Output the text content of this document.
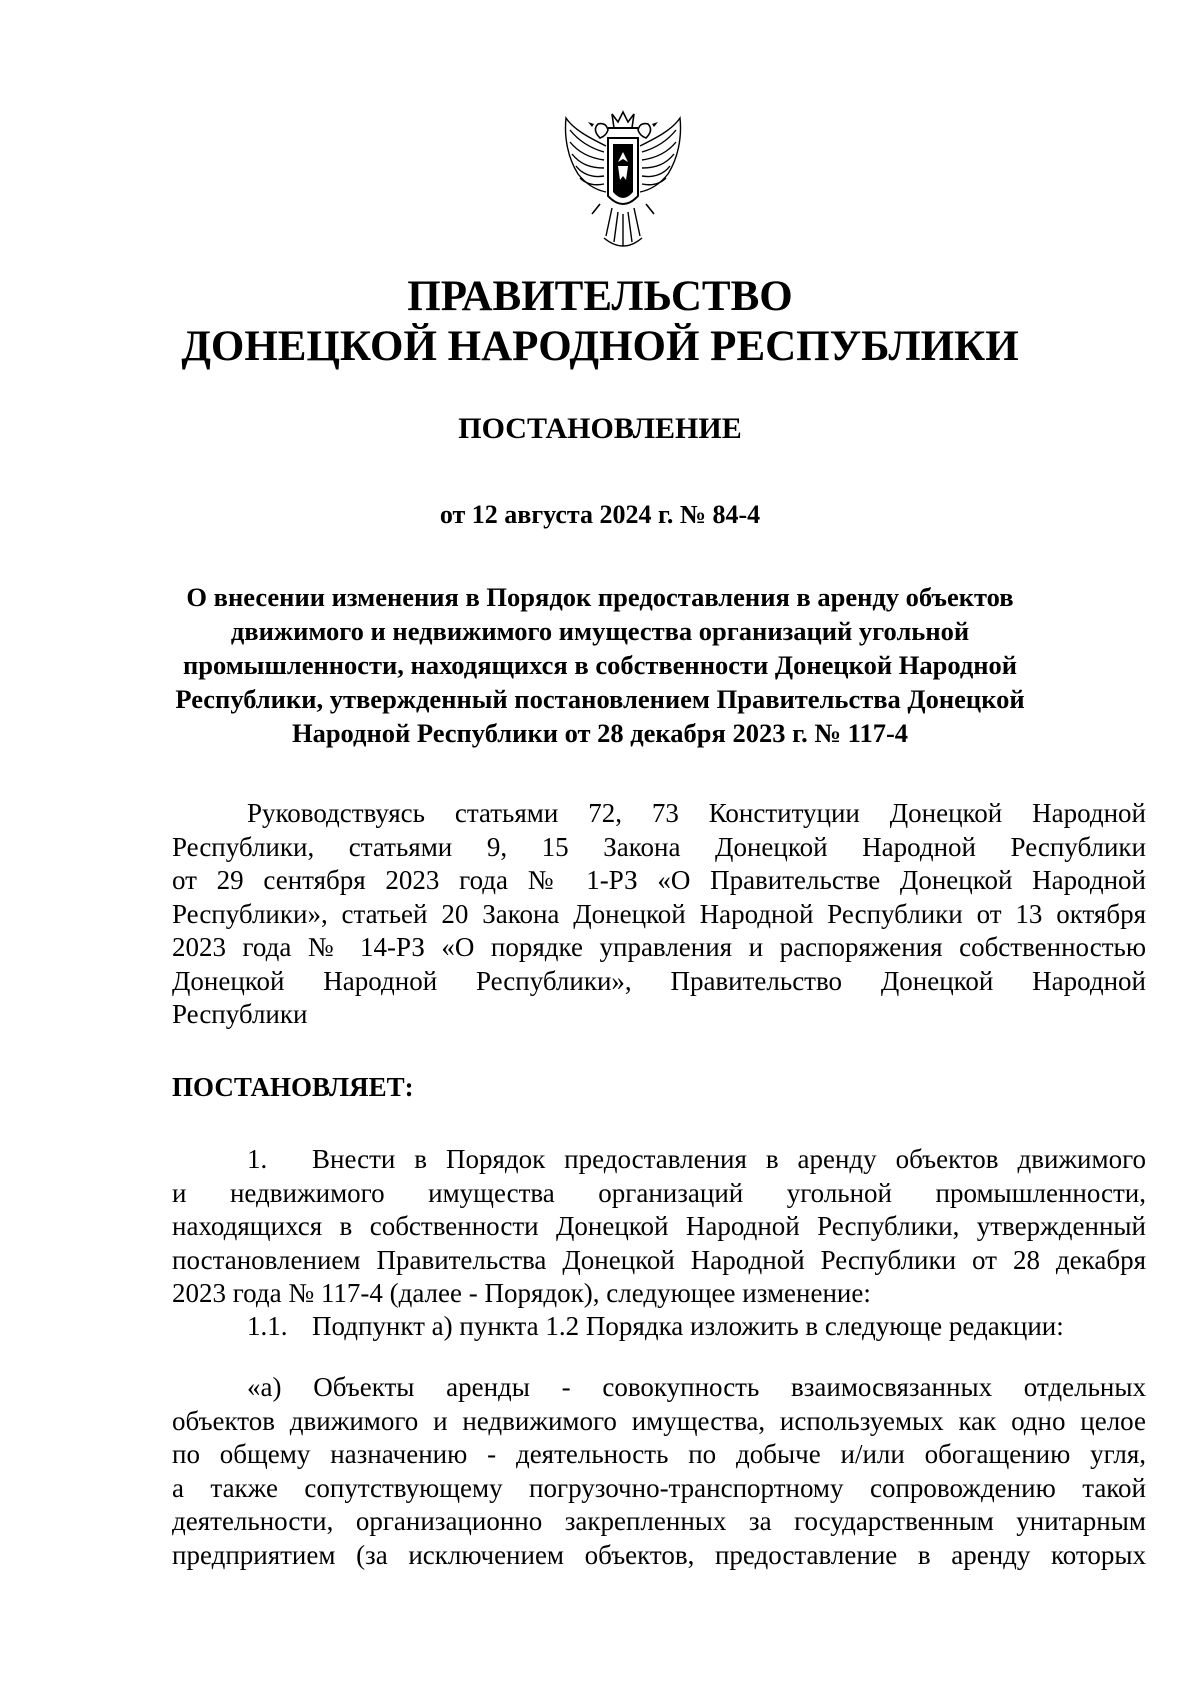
ПРАВИТЕЛЬСТВО
ДОНЕЦКОЙ НАРОДНОЙ РЕСПУБЛИКИ
ПОСТАНОВЛЕНИЕ
от 12 августа 2024 г. № 84-4
О внесении изменения в Порядок предоставления в аренду объектов
движимого и недвижимого имущества организаций угольной
промышленности, находящихся в собственности Донецкой Народной
Республики, утвержденный постановлением Правительства Донецкой
Народной Республики от 28 декабря 2023 г. № 117-4
Руководствуясь статьями 72, 73 Конституции Донецкой Народной
Республики, статьями 9, 15 Закона Донецкой Народной Республики
от 29 сентября 2023 года № 1-РЗ «О Правительстве Донецкой Народной
Республики», статьей 20 Закона Донецкой Народной Республики от 13 октября
2023 года № 14-РЗ «О порядке управления и распоряжения собственностью
Донецкой Народной Республики», Правительство Донецкой Народной
Республики
ПОСТАНОВЛЯЕТ:
1. Внести в Порядок предоставления в аренду объектов движимого
и недвижимого имущества организаций угольной промышленности,
находящихся в собственности Донецкой Народной Республики, утвержденный
постановлением Правительства Донецкой Народной Республики от 28 декабря
2023 года № 117-4 (далее - Порядок), следующее изменение:
1.1. Подпункт а) пункта 1.2 Порядка изложить в следующе редакции:
«а) Объекты аренды - совокупность взаимосвязанных отдельных
объектов движимого и недвижимого имущества, используемых как одно целое
по общему назначению - деятельность по добыче и/или обогащению угля,
а также сопутствующему погрузочно-транспортному сопровождению такой
деятельности, организационно закрепленных за государственным унитарным
предприятием (за исключением объектов, предоставление в аренду которых
